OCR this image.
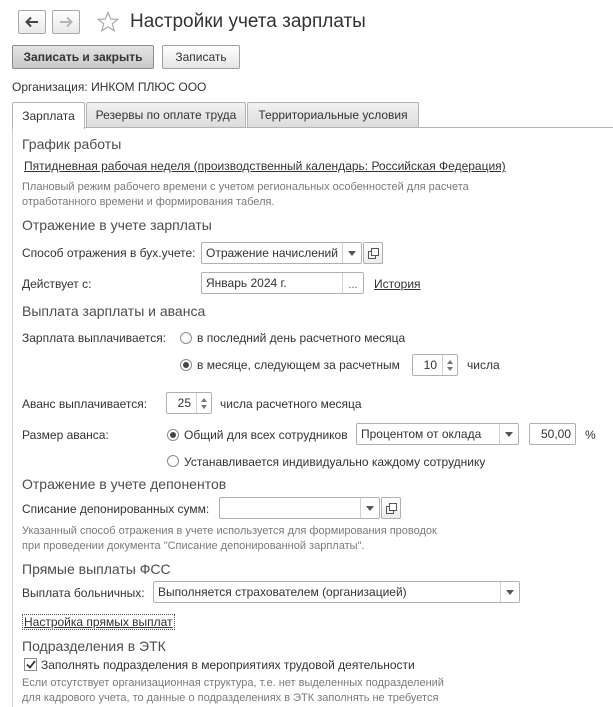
Настройки учета зарплаты
Записать и закрыть	Записать
Организация: ИНКОМ ПЛЮС ООО
Зарплата	Резервы по оплате труда	Территориальные условия
График работы
Пятидневная рабочая неделя (производственный календарь: Российская Федерация)
Плановый режим рабочего времени с учетом региональных особенностей для расчета
отработанного времени и формирования табеля.
Отражение в учете зарплаты
Способ отражения в бух.учете: Отражение начислений
Действует с:	Январь 2024 г.	...	История
Выплата зарплаты и аванса
Зарплата выплачивается:	в последний день расчетного месяца
в месяце, следующем за расчетным 10	числа
Аванс выплачивается:	25 числа расчетного месяца
Размер аванса:	Общий для всех сотрудников Процентом от оклада	50,00 %
Устанавливается индивидуально каждому сотруднику
Отражение в учете депонентов
Списание депонированных сумм:
Указанный способ отражения в учете используется для формирования проводок
при проведении документа "Списание депонированной зарплаты".
Прямые выплаты ФСС
Выплата больничных: Выполняется страхователем (организацией)
Настройка прямых выплат
Подразделения в ЭТК
Заполнять подразделения в мероприятиях трудовой деятельности
Если отсутствует организационная структура, т.е. нет выделенных подразделений
для кадрового учета, то данные о подразделениях в ЭТК заполнять не требуется
